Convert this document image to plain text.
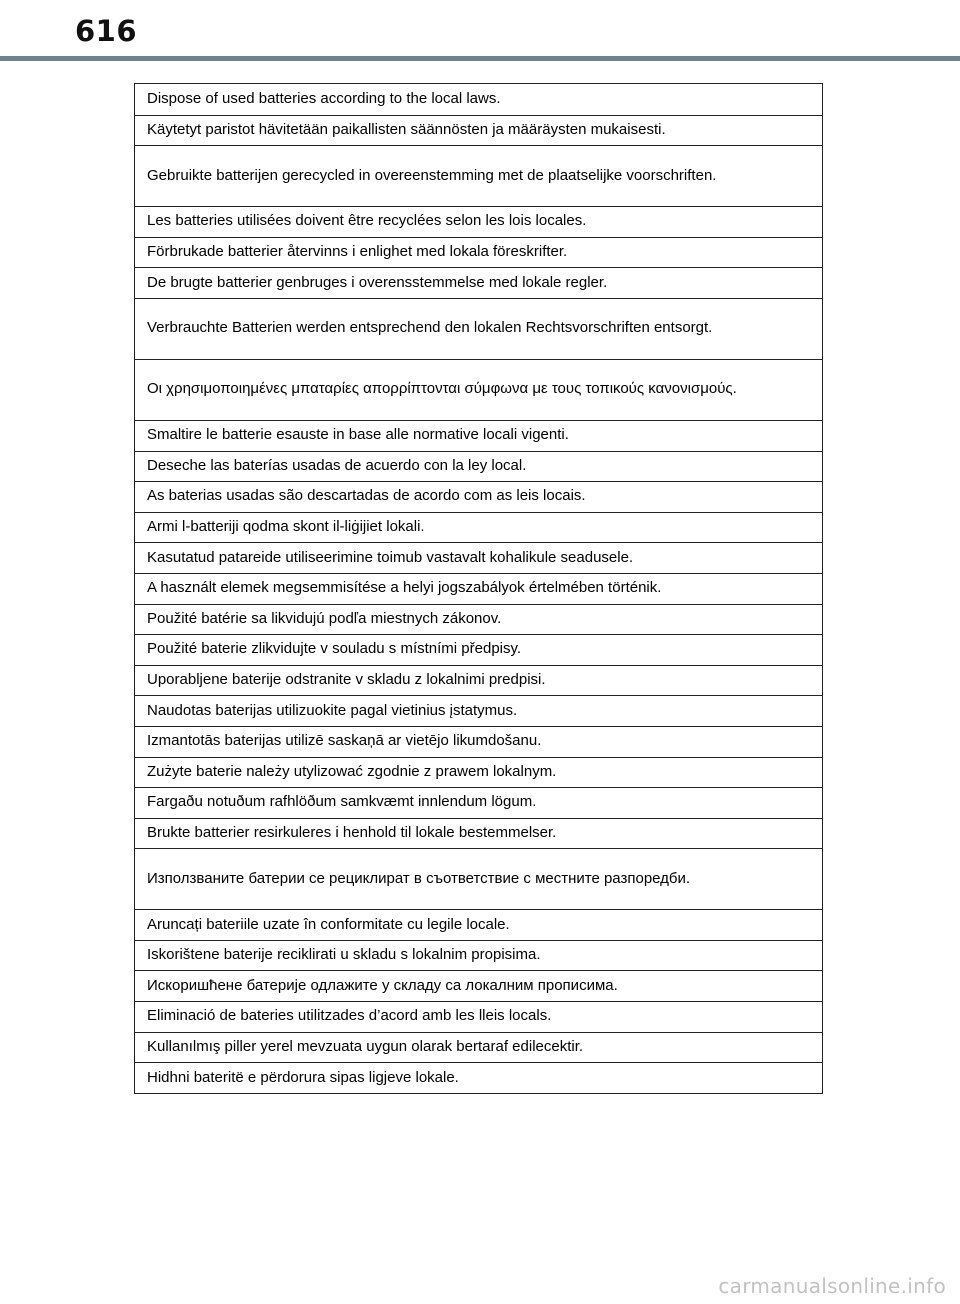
616
Dispose of used batteries according to the local laws.
Käytetyt paristot hävitetään paikallisten säännösten ja määräysten mukaisesti.
Gebruikte batterijen gerecycled in overeenstemming met de plaatselijke voorschriften.
Les batteries utilisées doivent être recyclées selon les lois locales.
Förbrukade batterier återvinns i enlighet med lokala föreskrifter.
De brugte batterier genbruges i overensstemmelse med lokale regler.
Verbrauchte Batterien werden entsprechend den lokalen Rechtsvorschriften entsorgt.
Οι χρησιμοποιημένες μπαταρίες απορρίπτονται σύμφωνα με τους τοπικούς κανονισμούς.
Smaltire le batterie esauste in base alle normative locali vigenti.
Deseche las baterías usadas de acuerdo con la ley local.
As baterias usadas são descartadas de acordo com as leis locais.
Armi l-batteriji qodma skont il-liġijiet lokali.
Kasutatud patareide utiliseerimine toimub vastavalt kohalikule seadusele.
A használt elemek megsemmisítése a helyi jogszabályok értelmében történik.
Použité batérie sa likvidujú podľa miestnych zákonov.
Použité baterie zlikvidujte v souladu s místními předpisy.
Uporabljene baterije odstranite v skladu z lokalnimi predpisi.
Naudotas baterijas utilizuokite pagal vietinius įstatymus.
Izmantotās baterijas utilizē saskaņā ar vietējo likumdošanu.
Zużyte baterie należy utylizować zgodnie z prawem lokalnym.
Fargaðu notuðum rafhlöðum samkvæmt innlendum lögum.
Brukte batterier resirkuleres i henhold til lokale bestemmelser.
Използваните батерии се рециклират в съответствие с местните разпоредби.
Aruncați bateriile uzate în conformitate cu legile locale.
Iskorištene baterije reciklirati u skladu s lokalnim propisima.
Искоришћене батерије одлажите у складу са локалним прописима.
Eliminació de bateries utilitzades d’acord amb les lleis locals.
Kullanılmış piller yerel mevzuata uygun olarak bertaraf edilecektir.
Hidhni bateritë e përdorura sipas ligjeve lokale.
carmanualsonline.info
